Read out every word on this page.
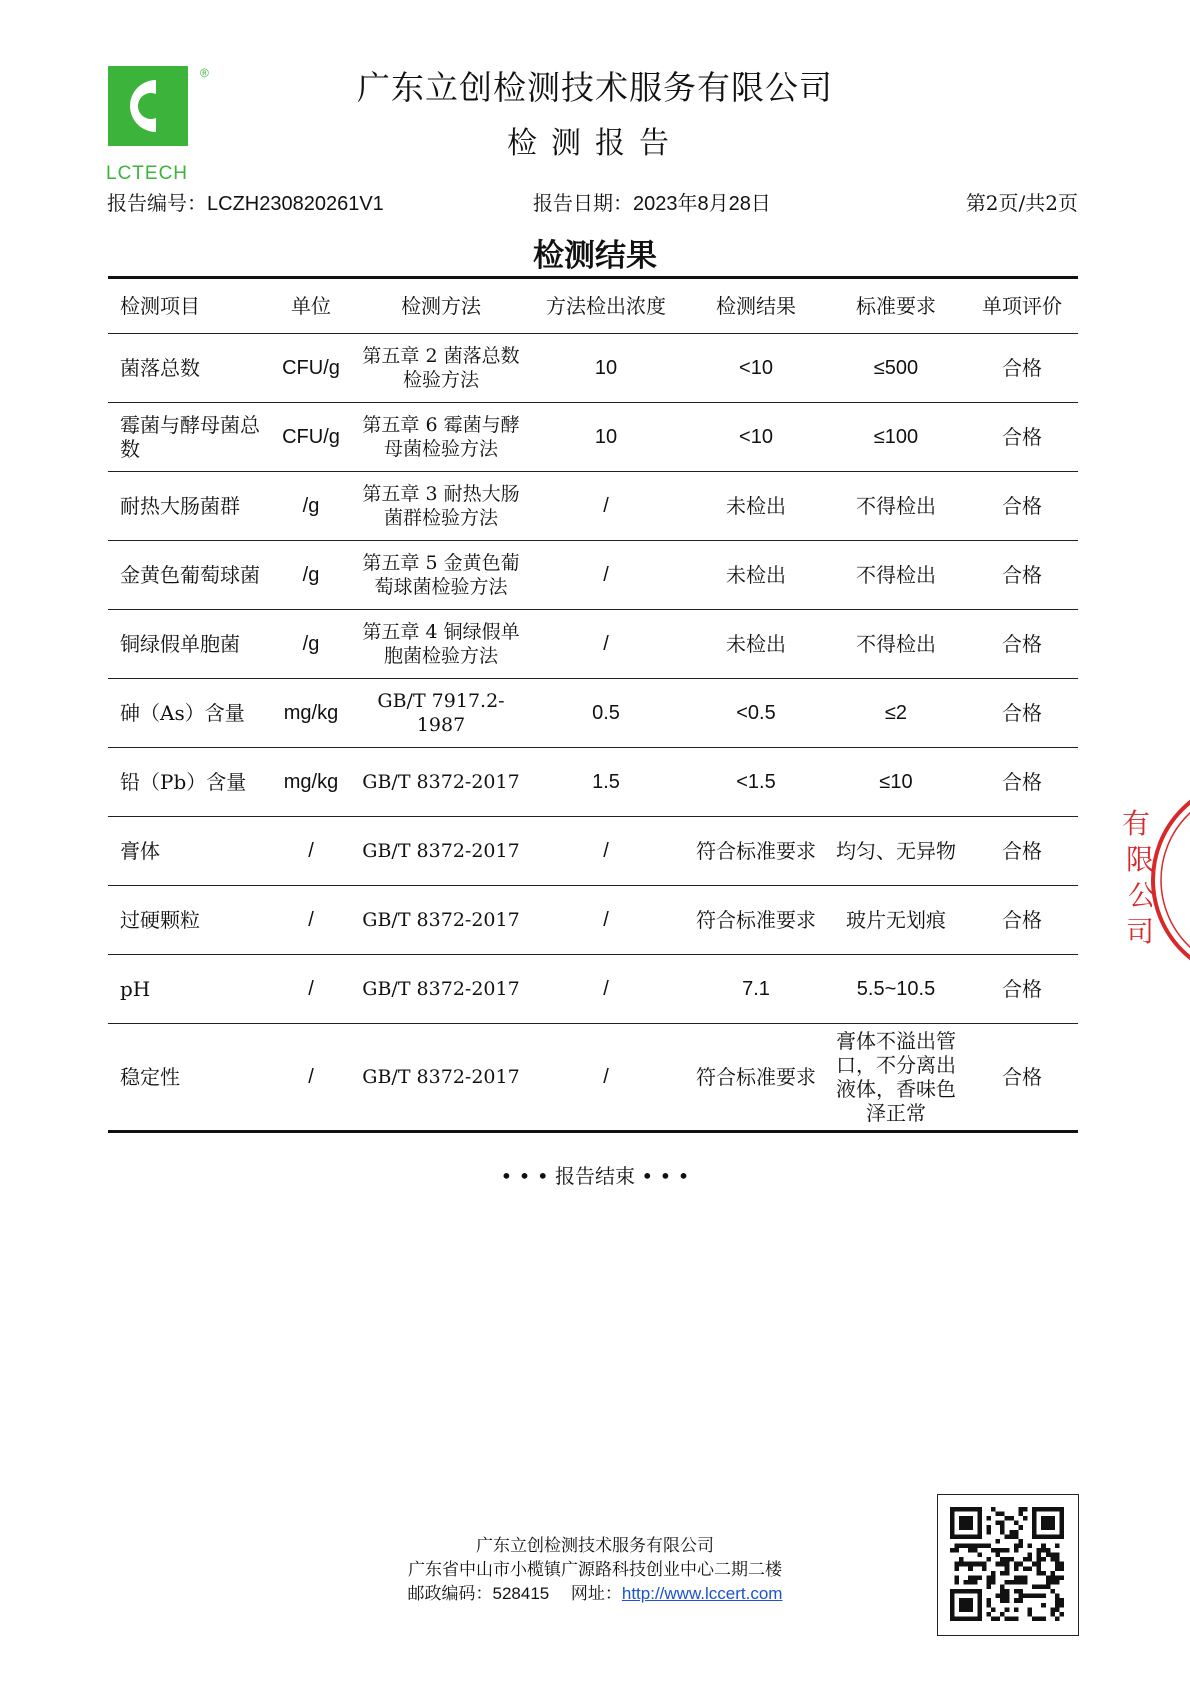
®
LCTECH
广东立创检测技术服务有限公司
检测报告
报告编号：LCZH230820261V1	报告日期：2023年8月28日	第2页/共2页
检测结果
检测项目	单位	检测方法	方法检出浓度	检测结果	标准要求	单项评价
菌落总数	CFU/g	第五章 2 菌落总数检验方法	10	<10	≤500	合格
霉菌与酵母菌总数	CFU/g	第五章 6 霉菌与酵母菌检验方法	10	<10	≤100	合格
耐热大肠菌群	/g	第五章 3 耐热大肠菌群检验方法	/	未检出	不得检出	合格
金黄色葡萄球菌	/g	第五章 5 金黄色葡萄球菌检验方法	/	未检出	不得检出	合格
铜绿假单胞菌	/g	第五章 4 铜绿假单胞菌检验方法	/	未检出	不得检出	合格
砷（As）含量	mg/kg	GB/T 7917.2-1987	0.5	<0.5	≤2	合格
铅（Pb）含量	mg/kg	GB/T 8372-2017	1.5	<1.5	≤10	合格
膏体	/	GB/T 8372-2017	/	符合标准要求	均匀、无异物	合格
过硬颗粒	/	GB/T 8372-2017	/	符合标准要求	玻片无划痕	合格
pH	/	GB/T 8372-2017	/	7.1	5.5~10.5	合格
稳定性	/	GB/T 8372-2017	/	符合标准要求	膏体不溢出管口，不分离出液体，香味色泽正常	合格
• • • 报告结束 • • •
有限公司
广东立创检测技术服务有限公司
广东省中山市小榄镇广源路科技创业中心二期二楼
邮政编码：528415 网址：http://www.lccert.com
